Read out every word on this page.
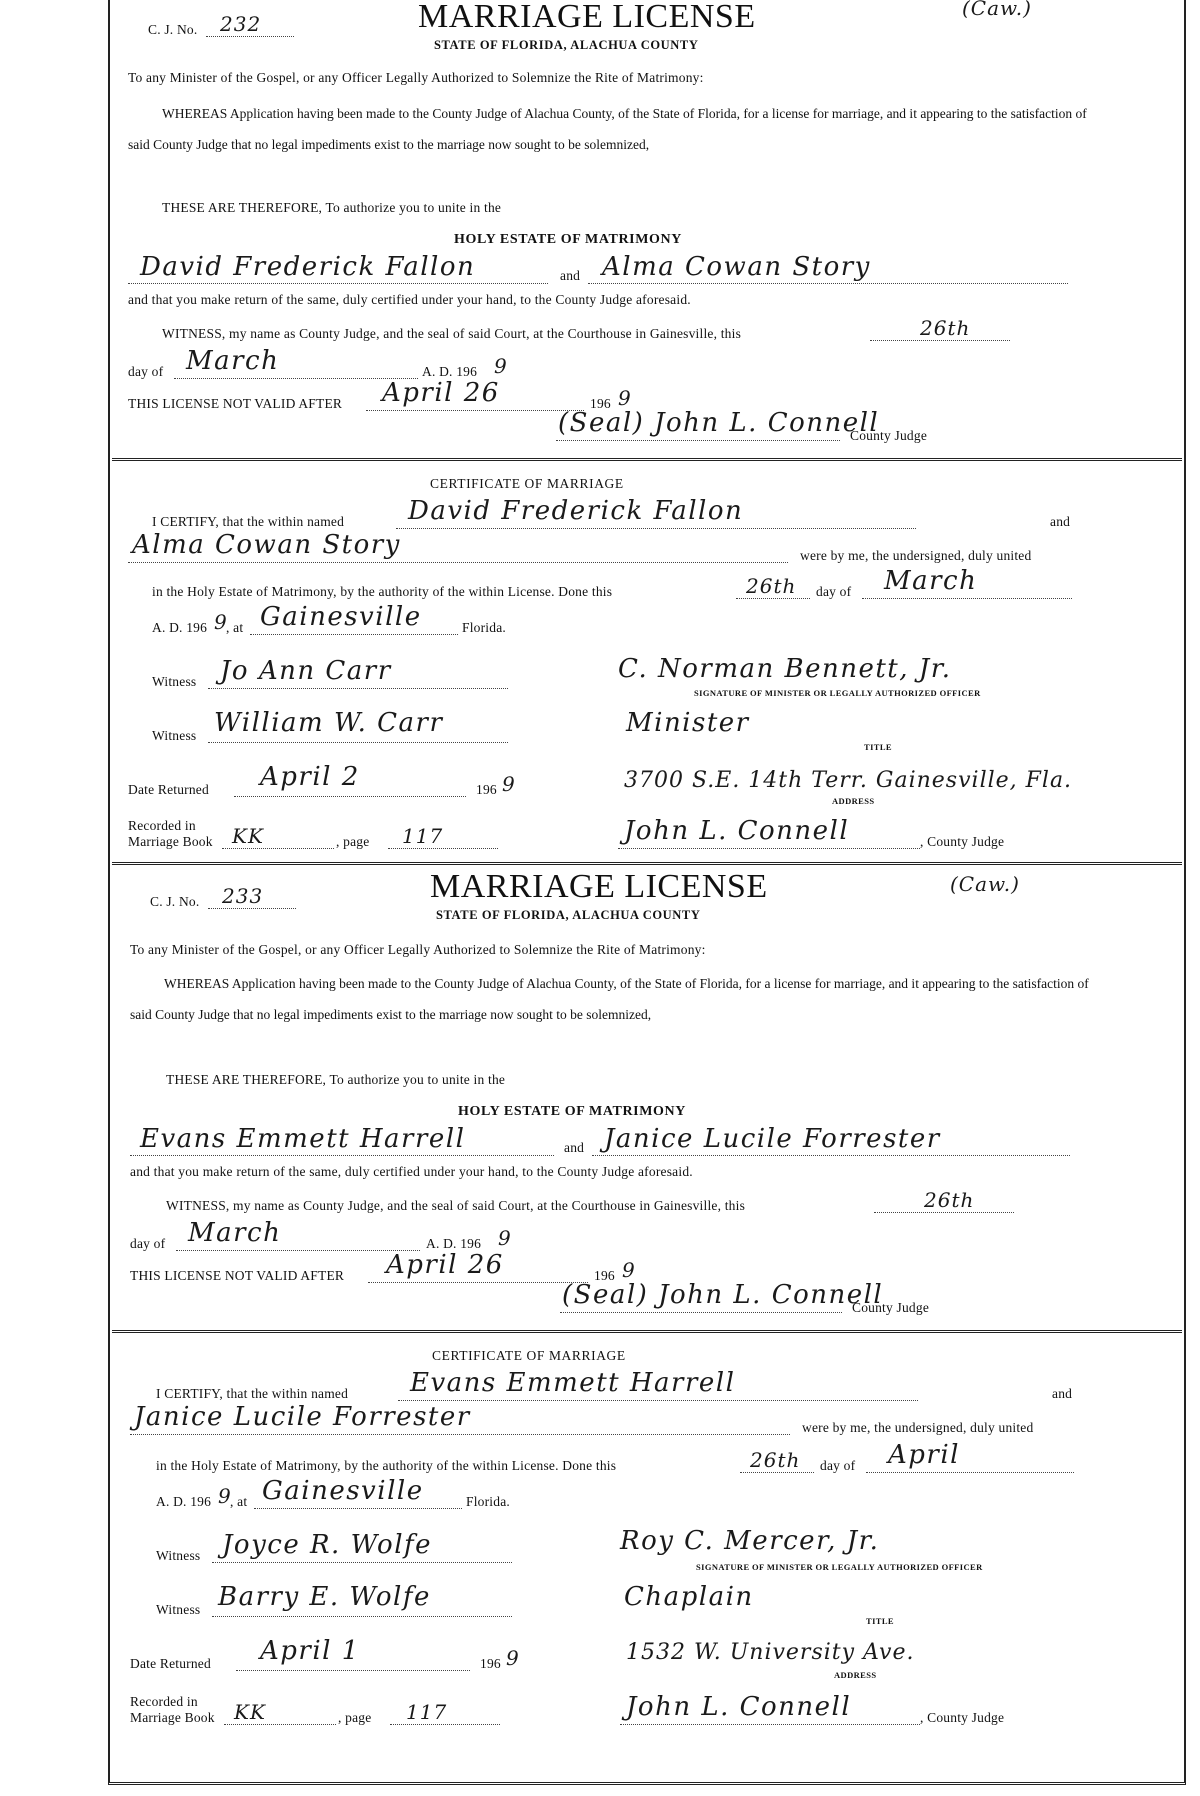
C. J. No. 232	MARRIAGE LICENSE
STATE OF FLORIDA, ALACHUA COUNTY
(Caw.)
To any Minister of the Gospel, or any Officer Legally Authorized to Solemnize the Rite of Matrimony:
WHEREAS Application having been made to the County Judge of Alachua County, of the State of Florida, for a license for marriage, and it appearing to the satisfaction of said County Judge that no legal impediments exist to the marriage now sought to be solemnized,
THESE ARE THEREFORE, To authorize you to unite in the
HOLY ESTATE OF MATRIMONY
David Frederick Fallon	and Alma Cowan Story
and that you make return of the same, duly certified under your hand, to the County Judge aforesaid.
WITNESS, my name as County Judge, and the seal of said Court, at the Courthouse in Gainesville, this	26th
day of March	A. D. 196 9
THIS LICENSE NOT VALID AFTER April 26	196 9
(Seal) John L. Connell
County Judge
CERTIFICATE OF MARRIAGE
I CERTIFY, that the within named David Frederick Fallon	and
Alma Cowan Story	were by me, the undersigned, duly united
in the Holy Estate of Matrimony, by the authority of the within License. Done this	26th day of March
A. D. 196 9
, at Gainesville	Florida.
Witness Jo Ann Carr	C. Norman Bennett, Jr.
SIGNATURE OF MINISTER OR LEGALLY AUTHORIZED OFFICER
Witness William W. Carr	Minister
TITLE
Date Returned April 2	196 9	3700 S.E. 14th Terr. Gainesville, Fla.
ADDRESS
Recorded in
Marriage Book KK	, page 117	John L. Connell	, County Judge
C. J. No. 233	MARRIAGE LICENSE
STATE OF FLORIDA, ALACHUA COUNTY
(Caw.)
To any Minister of the Gospel, or any Officer Legally Authorized to Solemnize the Rite of Matrimony:
WHEREAS Application having been made to the County Judge of Alachua County, of the State of Florida, for a license for marriage, and it appearing to the satisfaction of said County Judge that no legal impediments exist to the marriage now sought to be solemnized,
THESE ARE THEREFORE, To authorize you to unite in the
HOLY ESTATE OF MATRIMONY
Evans Emmett Harrell	and Janice Lucile Forrester
and that you make return of the same, duly certified under your hand, to the County Judge aforesaid.
WITNESS, my name as County Judge, and the seal of said Court, at the Courthouse in Gainesville, this	26th
day of March	A. D. 196 9
THIS LICENSE NOT VALID AFTER April 26	196 9
(Seal) John L. Connell
County Judge
CERTIFICATE OF MARRIAGE
I CERTIFY, that the within named Evans Emmett Harrell	and
Janice Lucile Forrester	were by me, the undersigned, duly united
in the Holy Estate of Matrimony, by the authority of the within License. Done this	26th day of April
A. D. 196 9
, at Gainesville	Florida.
Witness Joyce R. Wolfe	Roy C. Mercer, Jr.
SIGNATURE OF MINISTER OR LEGALLY AUTHORIZED OFFICER
Witness Barry E. Wolfe	Chaplain
TITLE
Date Returned April 1	196 9	1532 W. University Ave.
ADDRESS
Recorded in
Marriage Book KK	, page 117	John L. Connell	, County Judge
